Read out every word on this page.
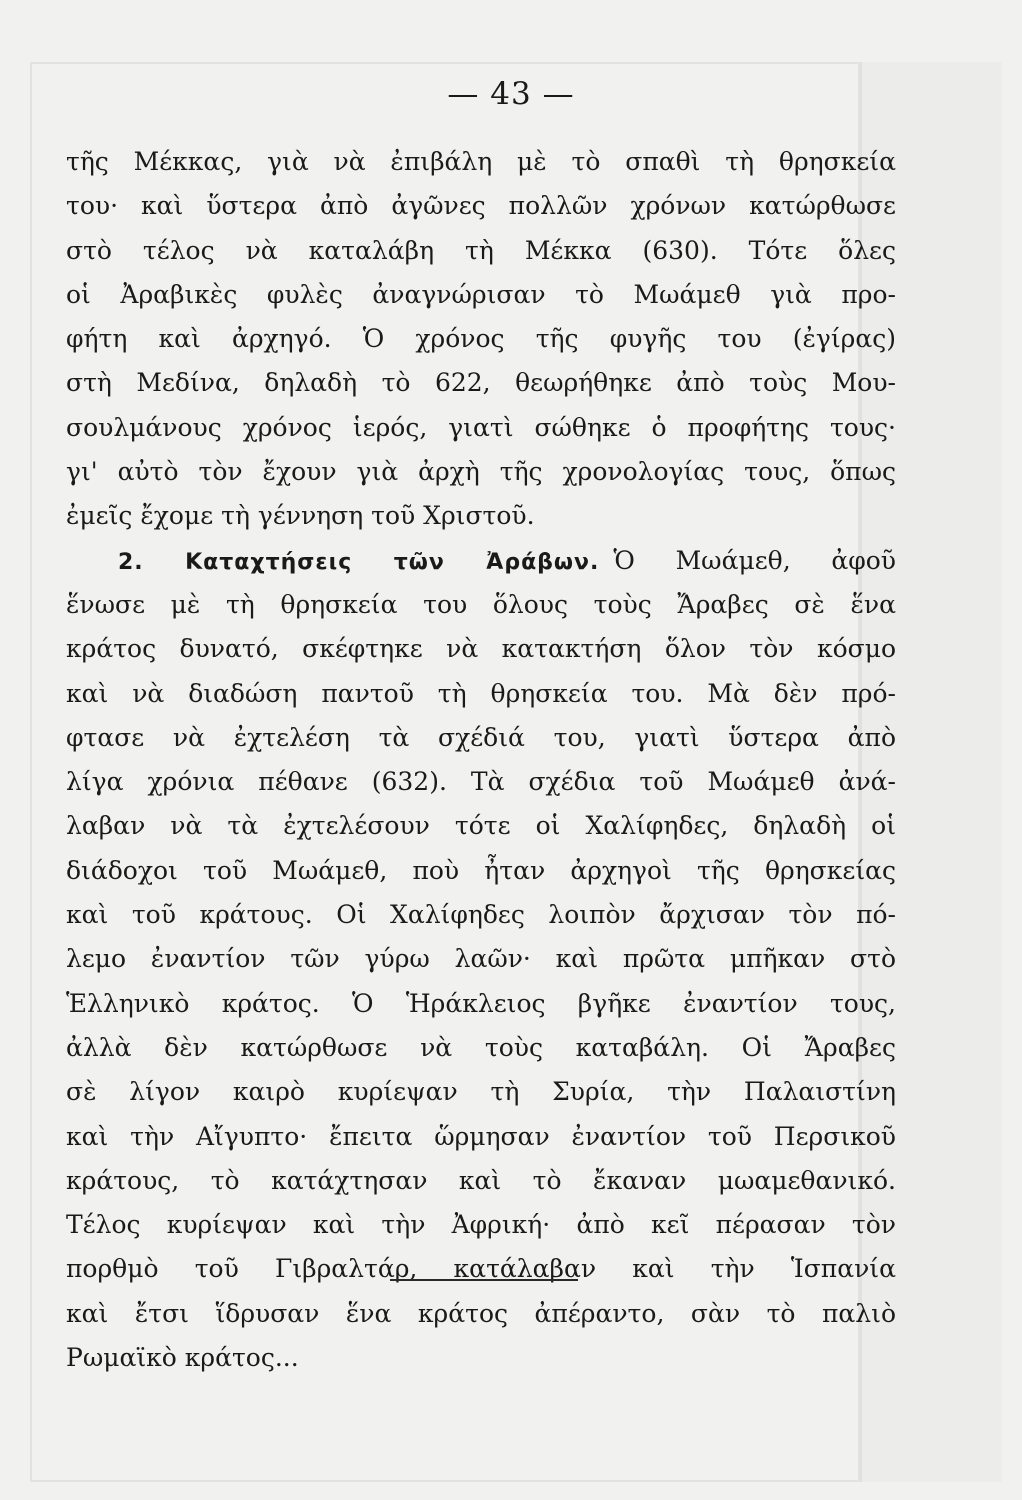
— 43 —
τῆς Μέκκας, γιὰ νὰ ἐπιβάλη μὲ τὸ σπαθὶ τὴ θρησκεία
του· καὶ ὕστερα ἀπὸ ἀγῶνες πολλῶν χρόνων κατώρθωσε
στὸ τέλος νὰ καταλάβη τὴ Μέκκα (630). Τότε ὅλες
οἱ Ἀραβικὲς φυλὲς ἀναγνώρισαν τὸ Μωάμεθ γιὰ προ-
φήτη καὶ ἀρχηγό. Ὁ χρόνος τῆς φυγῆς του (ἐγίρας)
στὴ Μεδίνα, δηλαδὴ τὸ 622, θεωρήθηκε ἀπὸ τοὺς Μου-
σουλμάνους χρόνος ἱερός, γιατὶ σώθηκε ὁ προφήτης τους·
γι' αὐτὸ τὸν ἔχουν γιὰ ἀρχὴ τῆς χρονολογίας τους, ὅπως
ἐμεῖς ἔχομε τὴ γέννηση τοῦ Χριστοῦ.
2. Καταχτήσεις τῶν Ἀράβων. Ὁ Μωάμεθ, ἀφοῦ
ἕνωσε μὲ τὴ θρησκεία του ὅλους τοὺς Ἄραβες σὲ ἕνα
κράτος δυνατό, σκέφτηκε νὰ κατακτήση ὅλον τὸν κόσμο
καὶ νὰ διαδώση παντοῦ τὴ θρησκεία του. Μὰ δὲν πρό-
φτασε νὰ ἐχτελέση τὰ σχέδιά του, γιατὶ ὕστερα ἀπὸ
λίγα χρόνια πέθανε (632). Τὰ σχέδια τοῦ Μωάμεθ ἀνά-
λαβαν νὰ τὰ ἐχτελέσουν τότε οἱ Χαλίφηδες, δηλαδὴ οἱ
διάδοχοι τοῦ Μωάμεθ, ποὺ ἦταν ἀρχηγοὶ τῆς θρησκείας
καὶ τοῦ κράτους. Οἱ Χαλίφηδες λοιπὸν ἄρχισαν τὸν πό-
λεμο ἐναντίον τῶν γύρω λαῶν· καὶ πρῶτα μπῆκαν στὸ
Ἑλληνικὸ κράτος. Ὁ Ἡράκλειος βγῆκε ἐναντίον τους,
ἀλλὰ δὲν κατώρθωσε νὰ τοὺς καταβάλη. Οἱ Ἄραβες
σὲ λίγον καιρὸ κυρίεψαν τὴ Συρία, τὴν Παλαιστίνη
καὶ τὴν Αἴγυπτο· ἔπειτα ὥρμησαν ἐναντίον τοῦ Περσικοῦ
κράτους, τὸ κατάχτησαν καὶ τὸ ἔκαναν μωαμεθανικό.
Τέλος κυρίεψαν καὶ τὴν Ἀφρική· ἀπὸ κεῖ πέρασαν τὸν
πορθμὸ τοῦ Γιβραλτάρ, κατάλαβαν καὶ τὴν Ἱσπανία
καὶ ἔτσι ἵδρυσαν ἕνα κράτος ἀπέραντο, σὰν τὸ παλιὸ
Ρωμαϊκὸ κράτος...
